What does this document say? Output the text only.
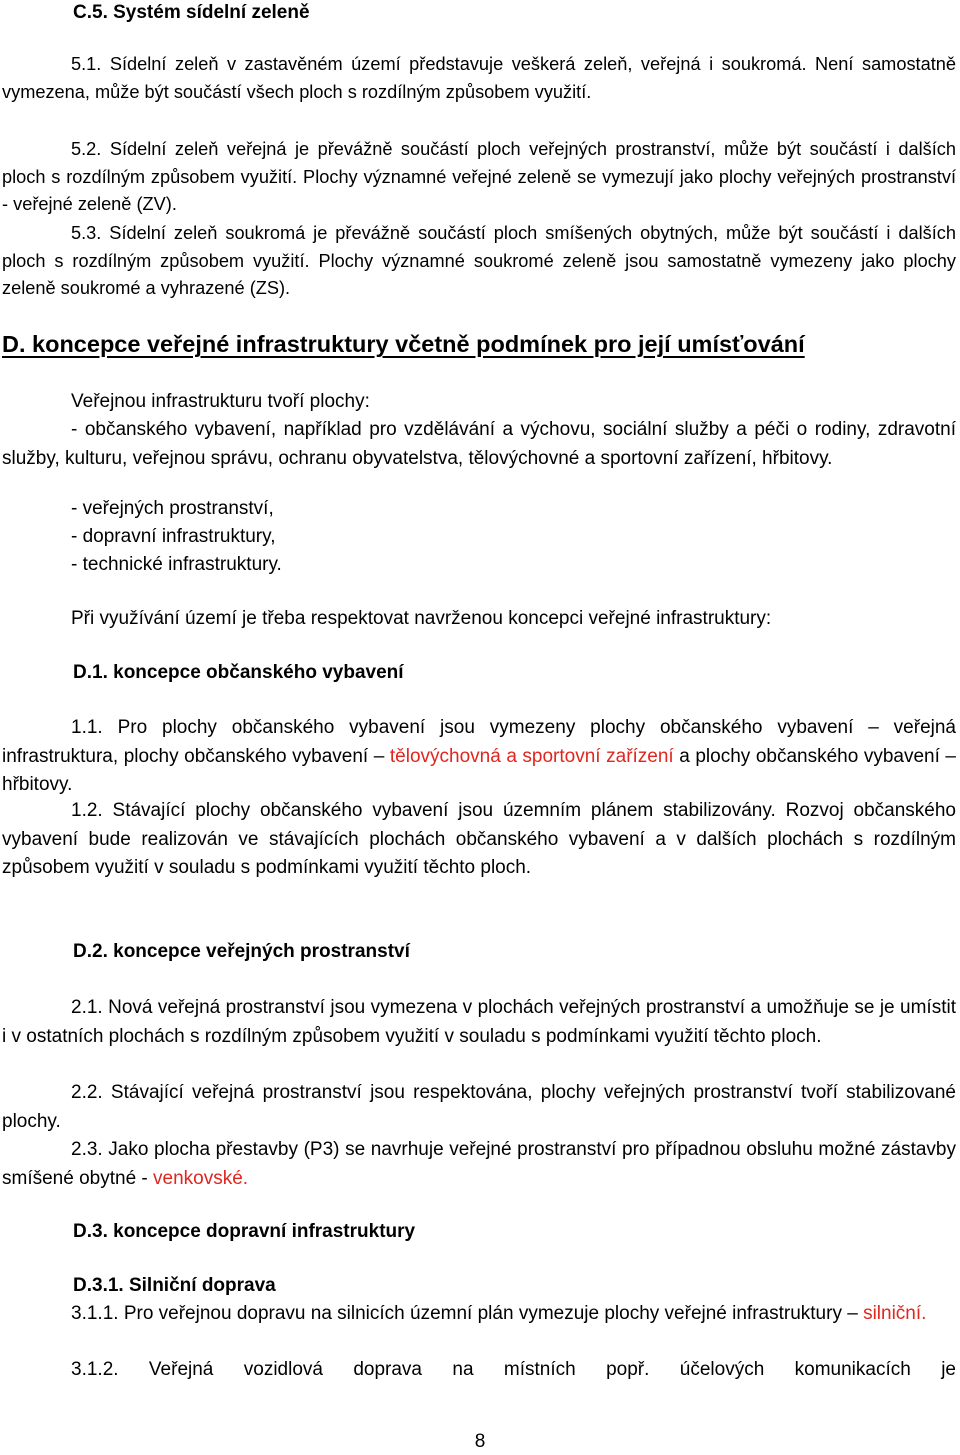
C.5. Systém sídelní zeleně

5.1. Sídelní zeleň v zastavěném území představuje veškerá zeleň, veřejná i soukromá. Není samostatně vymezena, může být součástí všech ploch s rozdílným způsobem využití.

5.2. Sídelní zeleň veřejná je převážně součástí ploch veřejných prostranství, může být součástí i dalších ploch s rozdílným způsobem využití. Plochy významné veřejné zeleně se vymezují jako plochy veřejných prostranství - veřejné zeleně (ZV).

5.3. Sídelní zeleň soukromá je převážně součástí ploch smíšených obytných, může být součástí i dalších ploch s rozdílným způsobem využití. Plochy významné soukromé zeleně jsou samostatně vymezeny jako plochy zeleně soukromé a vyhrazené (ZS).

D. koncepce veřejné infrastruktury včetně podmínek pro její umísťování

Veřejnou infrastrukturu tvoří plochy:

- občanského vybavení, například pro vzdělávání a výchovu, sociální služby a péči o rodiny, zdravotní služby, kulturu, veřejnou správu, ochranu obyvatelstva, tělovýchovné a sportovní zařízení, hřbitovy.

- veřejných prostranství,

- dopravní infrastruktury,

- technické infrastruktury.

Při využívání území je třeba respektovat navrženou koncepci veřejné infrastruktury:

D.1. koncepce občanského vybavení

1.1. Pro plochy občanského vybavení jsou vymezeny plochy občanského vybavení – veřejná infrastruktura, plochy občanského vybavení – tělovýchovná a sportovní zařízení a plochy občanského vybavení – hřbitovy.

1.2. Stávající plochy občanského vybavení jsou územním plánem stabilizovány. Rozvoj občanského vybavení bude realizován ve stávajících plochách občanského vybavení a v dalších plochách s rozdílným způsobem využití v souladu s podmínkami využití těchto ploch.

D.2. koncepce veřejných prostranství

2.1. Nová veřejná prostranství jsou vymezena v plochách veřejných prostranství a umožňuje se je umístit i v ostatních plochách s rozdílným způsobem využití v souladu s podmínkami využití těchto ploch.

2.2. Stávající veřejná prostranství jsou respektována, plochy veřejných prostranství tvoří stabilizované plochy.

2.3. Jako plocha přestavby (P3) se navrhuje veřejné prostranství pro případnou obsluhu možné zástavby smíšené obytné - venkovské.

D.3. koncepce dopravní infrastruktury
D.3.1. Silniční doprava

3.1.1. Pro veřejnou dopravu na silnicích územní plán vymezuje plochy veřejné infrastruktury – silniční.

3.1.2. Veřejná vozidlová doprava na místních popř. účelových komunikacích je

8
